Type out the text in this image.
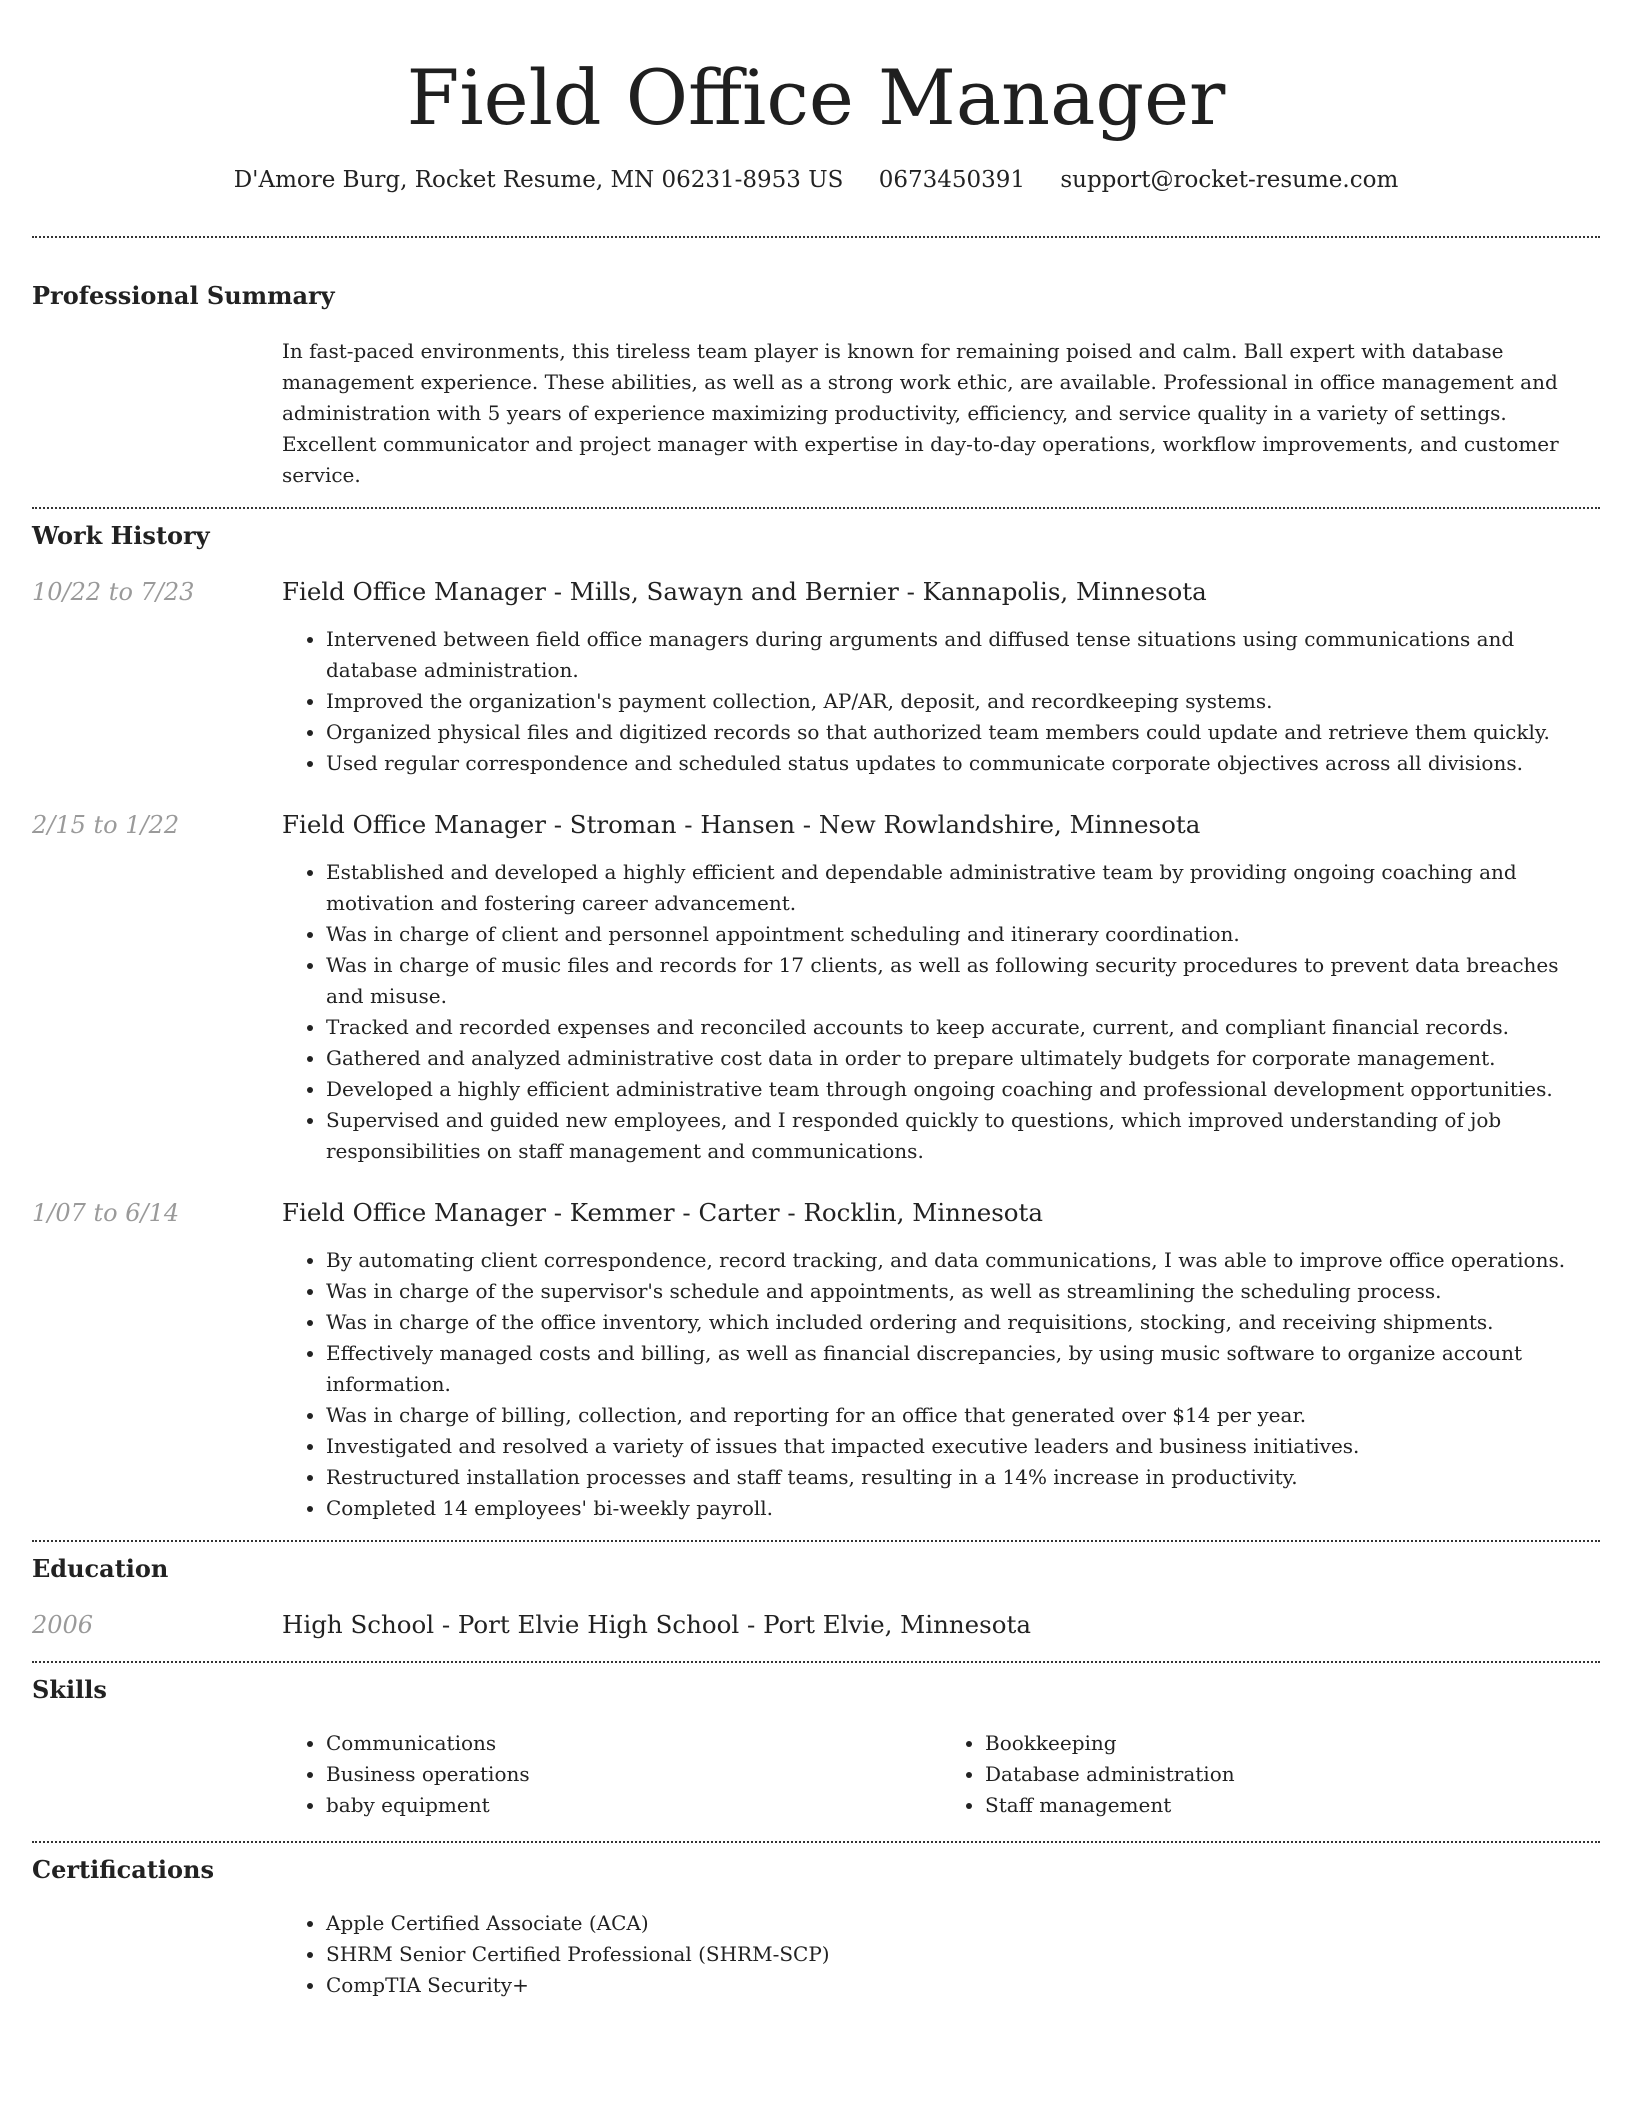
Field Office Manager
D'Amore Burg, Rocket Resume, MN 06231-8953 US 0673450391 support@rocket-resume.com
Professional Summary

In fast-paced environments, this tireless team player is known for remaining poised and calm. Ball expert with database management experience. These abilities, as well as a strong work ethic, are available. Professional in office management and administration with 5 years of experience maximizing productivity, efficiency, and service quality in a variety of settings. Excellent communicator and project manager with expertise in day-to-day operations, workflow improvements, and customer service.

Work History
10/22 to 7/23	Field Office Manager - Mills, Sawayn and Bernier - Kannapolis, Minnesota
• Intervened between field office managers during arguments and diffused tense situations using communications and database administration.
• Improved the organization's payment collection, AP/AR, deposit, and recordkeeping systems.
• Organized physical files and digitized records so that authorized team members could update and retrieve them quickly.
• Used regular correspondence and scheduled status updates to communicate corporate objectives across all divisions.
2/15 to 1/22	Field Office Manager - Stroman - Hansen - New Rowlandshire, Minnesota
• Established and developed a highly efficient and dependable administrative team by providing ongoing coaching and motivation and fostering career advancement.
• Was in charge of client and personnel appointment scheduling and itinerary coordination.
• Was in charge of music files and records for 17 clients, as well as following security procedures to prevent data breaches and misuse.
• Tracked and recorded expenses and reconciled accounts to keep accurate, current, and compliant financial records.
• Gathered and analyzed administrative cost data in order to prepare ultimately budgets for corporate management.
• Developed a highly efficient administrative team through ongoing coaching and professional development opportunities.
• Supervised and guided new employees, and I responded quickly to questions, which improved understanding of job responsibilities on staff management and communications.
1/07 to 6/14	Field Office Manager - Kemmer - Carter - Rocklin, Minnesota
• By automating client correspondence, record tracking, and data communications, I was able to improve office operations.
• Was in charge of the supervisor's schedule and appointments, as well as streamlining the scheduling process.
• Was in charge of the office inventory, which included ordering and requisitions, stocking, and receiving shipments.
• Effectively managed costs and billing, as well as financial discrepancies, by using music software to organize account information.
• Was in charge of billing, collection, and reporting for an office that generated over $14 per year.
• Investigated and resolved a variety of issues that impacted executive leaders and business initiatives.
• Restructured installation processes and staff teams, resulting in a 14% increase in productivity.
• Completed 14 employees' bi-weekly payroll.
Education
2006	High School - Port Elvie High School - Port Elvie, Minnesota
Skills
• Communications
• Business operations
• baby equipment
• Bookkeeping
• Database administration
• Staff management
Certifications
• Apple Certified Associate (ACA)
• SHRM Senior Certified Professional (SHRM-SCP)
• CompTIA Security+
